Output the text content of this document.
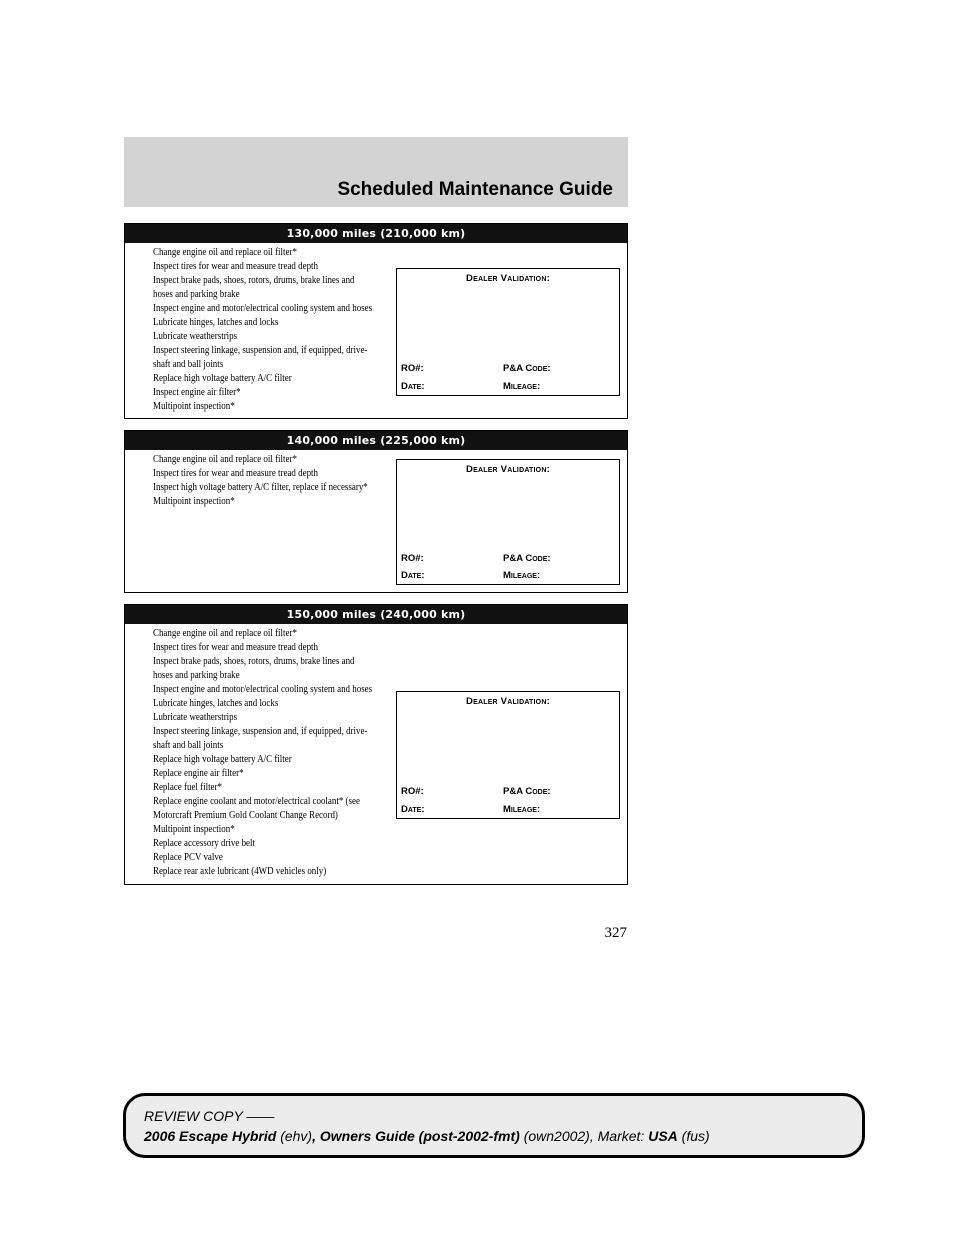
Scheduled Maintenance Guide
130,000 miles (210,000 km)
Change engine oil and replace oil filter*
Inspect tires for wear and measure tread depth
Inspect brake pads, shoes, rotors, drums, brake lines and
hoses and parking brake
Inspect engine and motor/electrical cooling system and hoses
Lubricate hinges, latches and locks
Lubricate weatherstrips
Inspect steering linkage, suspension and, if equipped, drive-
shaft and ball joints
Replace high voltage battery A/C filter
Inspect engine air filter*
Multipoint inspection*
Dealer Validation:
RO#:	P&A Code:
Date:	Mileage:
140,000 miles (225,000 km)
Change engine oil and replace oil filter*
Inspect tires for wear and measure tread depth
Inspect high voltage battery A/C filter, replace if necessary*
Multipoint inspection*
Dealer Validation:
RO#:	P&A Code:
Date:	Mileage:
150,000 miles (240,000 km)
Change engine oil and replace oil filter*
Inspect tires for wear and measure tread depth
Inspect brake pads, shoes, rotors, drums, brake lines and
hoses and parking brake
Inspect engine and motor/electrical cooling system and hoses
Lubricate hinges, latches and locks
Lubricate weatherstrips
Inspect steering linkage, suspension and, if equipped, drive-
shaft and ball joints
Replace high voltage battery A/C filter
Replace engine air filter*
Replace fuel filter*
Replace engine coolant and motor/electrical coolant* (see
Motorcraft Premium Gold Coolant Change Record)
Multipoint inspection*
Replace accessory drive belt
Replace PCV valve
Replace rear axle lubricant (4WD vehicles only)
Dealer Validation:
RO#:	P&A Code:
Date:	Mileage:
327
REVIEW COPY ——
2006 Escape Hybrid (ehv), Owners Guide (post-2002-fmt) (own2002), Market: USA (fus)
